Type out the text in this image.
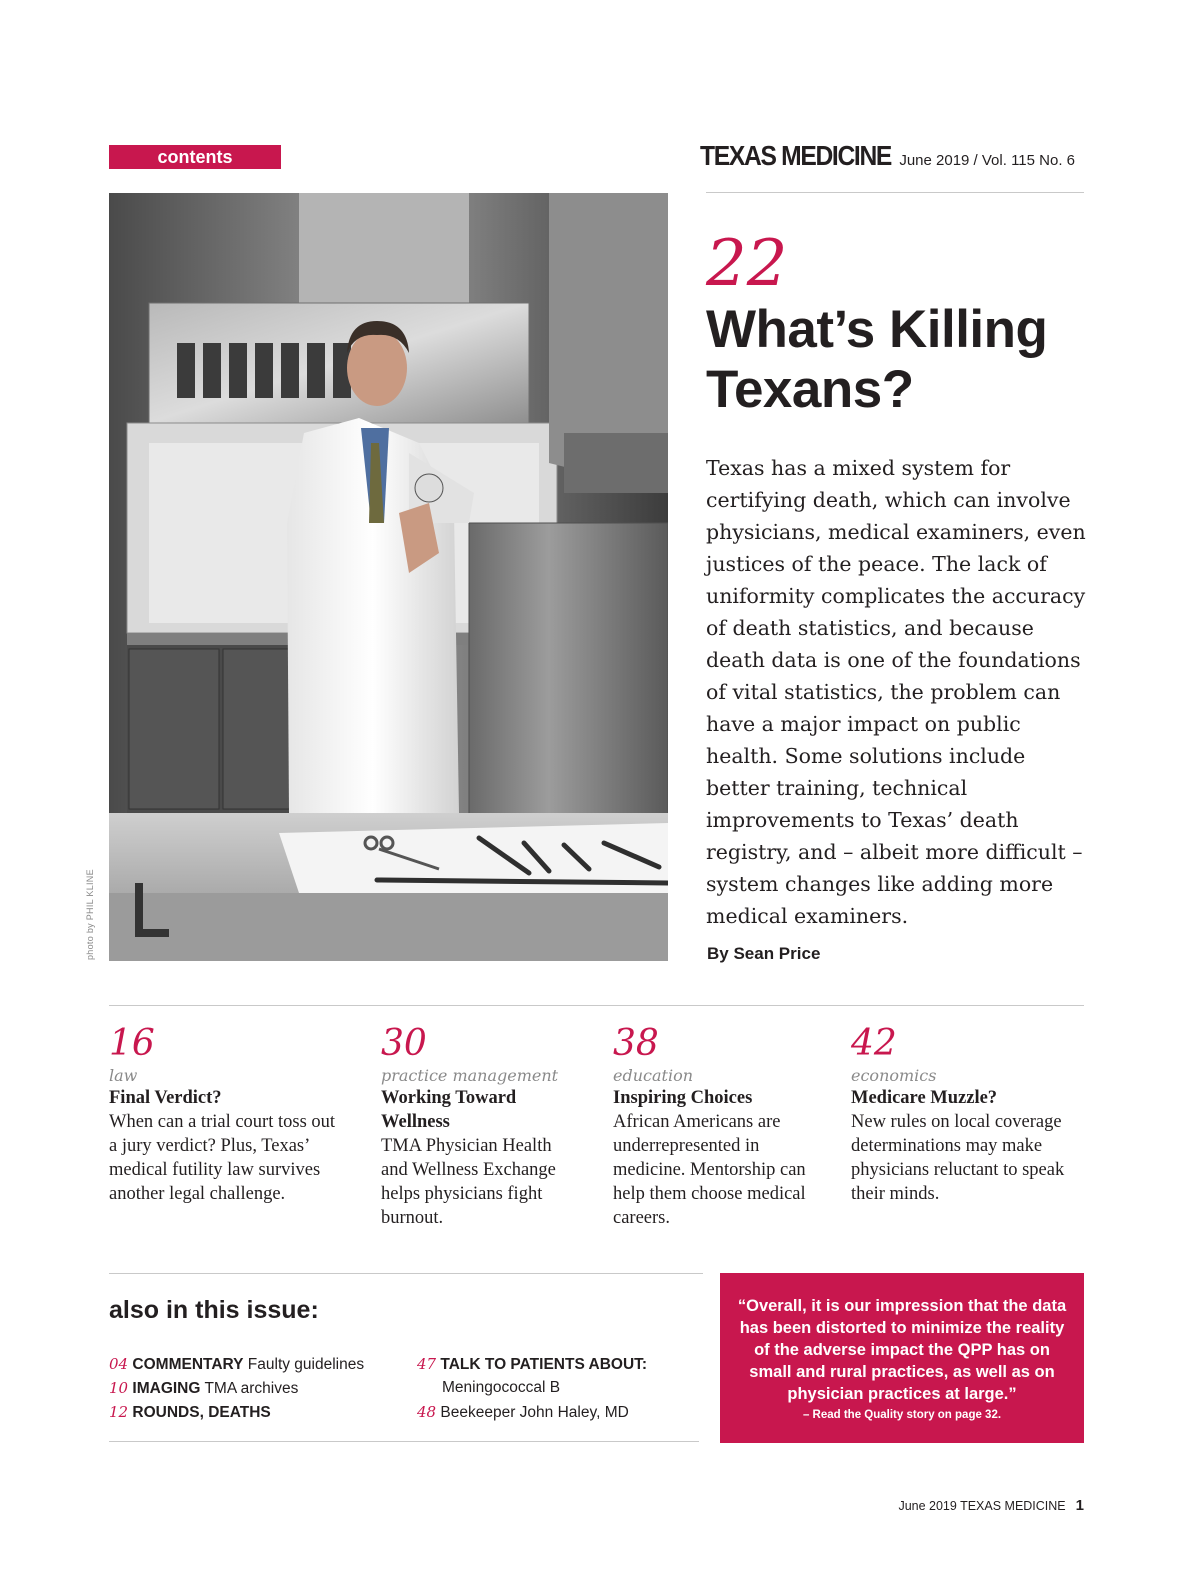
contents	TEXAS MEDICINE June 2019 / Vol. 115 No. 6
photo by PHIL KLINE
22
What’s Killing
Texans?

Texas has a mixed system for certifying death, which can involve physicians, medical examiners, even justices of the peace. The lack of uniformity complicates the accuracy of death statistics, and because death data is one of the foundations of vital statistics, the problem can have a major impact on public health. Some solutions include better training, technical improvements to Texas’ death registry, and – albeit more difficult – system changes like adding more medical examiners.

By Sean Price
16
law
Final Verdict?
When can a trial court toss out a jury verdict? Plus, Texas’ medical futility law survives another legal challenge.
30
practice management
Working Toward Wellness
TMA Physician Health and Wellness Exchange helps physicians fight burnout.
38
education
Inspiring Choices
African Americans are underrepresented in medicine. Mentorship can help them choose medical careers.
42
economics
Medicare Muzzle?
New rules on local coverage determinations may make physicians reluctant to speak their minds.
also in this issue:
04 COMMENTARY Faulty guidelines
10 IMAGING TMA archives
12 ROUNDS, DEATHS
47 TALK TO PATIENTS ABOUT:
Meningococcal B
48 Beekeeper John Haley, MD

“Overall, it is our impression that the data has been distorted to minimize the reality of the adverse impact the QPP has on small and rural practices, as well as on physician practices at large.”

– Read the Quality story on page 32.
June 2019 TEXAS MEDICINE 1
